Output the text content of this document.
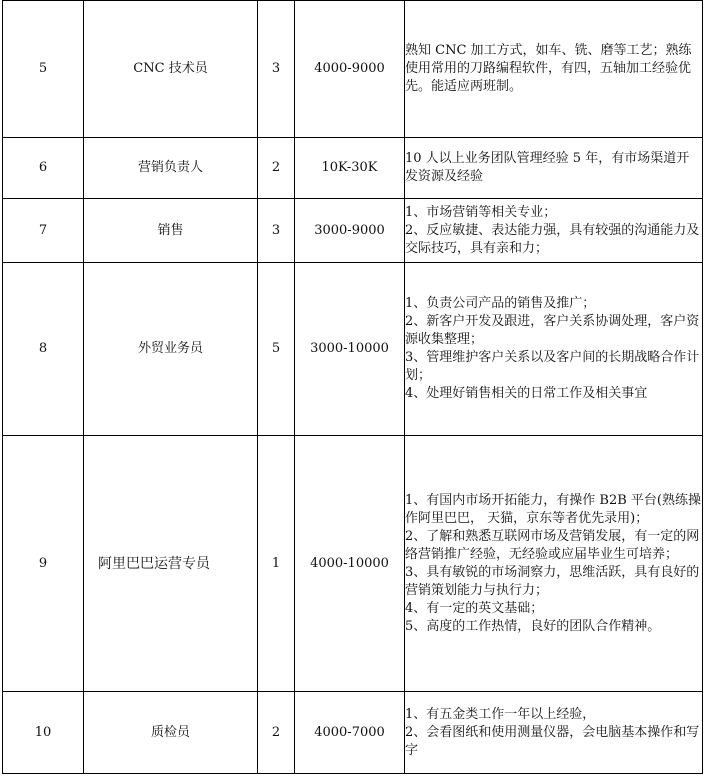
5	CNC 技术员	3	4000-9000	熟知 CNC 加工方式，如车、铣、磨等工艺；熟练使用常用的刀路编程软件，有四，五轴加工经验优先。能适应两班制。

6	营销负责人	2	10K-30K	10 人以上业务团队管理经验 5 年，有市场渠道开发资源及经验

7	销售	3	3000-9000	1、市场营销等相关专业；
2、反应敏捷、表达能力强，具有较强的沟通能力及交际技巧，具有亲和力；

8	外贸业务员	5	3000-10000	1、负责公司产品的销售及推广；
2、新客户开发及跟进，客户关系协调处理，客户资源收集整理；
3、管理维护客户关系以及客户间的长期战略合作计划；
4、处理好销售相关的日常工作及相关事宜

9	阿里巴巴运营专员	1	4000-10000	1、有国内市场开拓能力，有操作 B2B 平台(熟练操作阿里巴巴， 天猫，京东等者优先录用)；
2、了解和熟悉互联网市场及营销发展，有一定的网络营销推广经验，无经验或应届毕业生可培养；
3、具有敏锐的市场洞察力，思维活跃，具有良好的营销策划能力与执行力；
4、有一定的英文基础；
5、高度的工作热情，良好的团队合作精神。

10	质检员	2	4000-7000	1、有五金类工作一年以上经验，
2、会看图纸和使用测量仪器，会电脑基本操作和写字
